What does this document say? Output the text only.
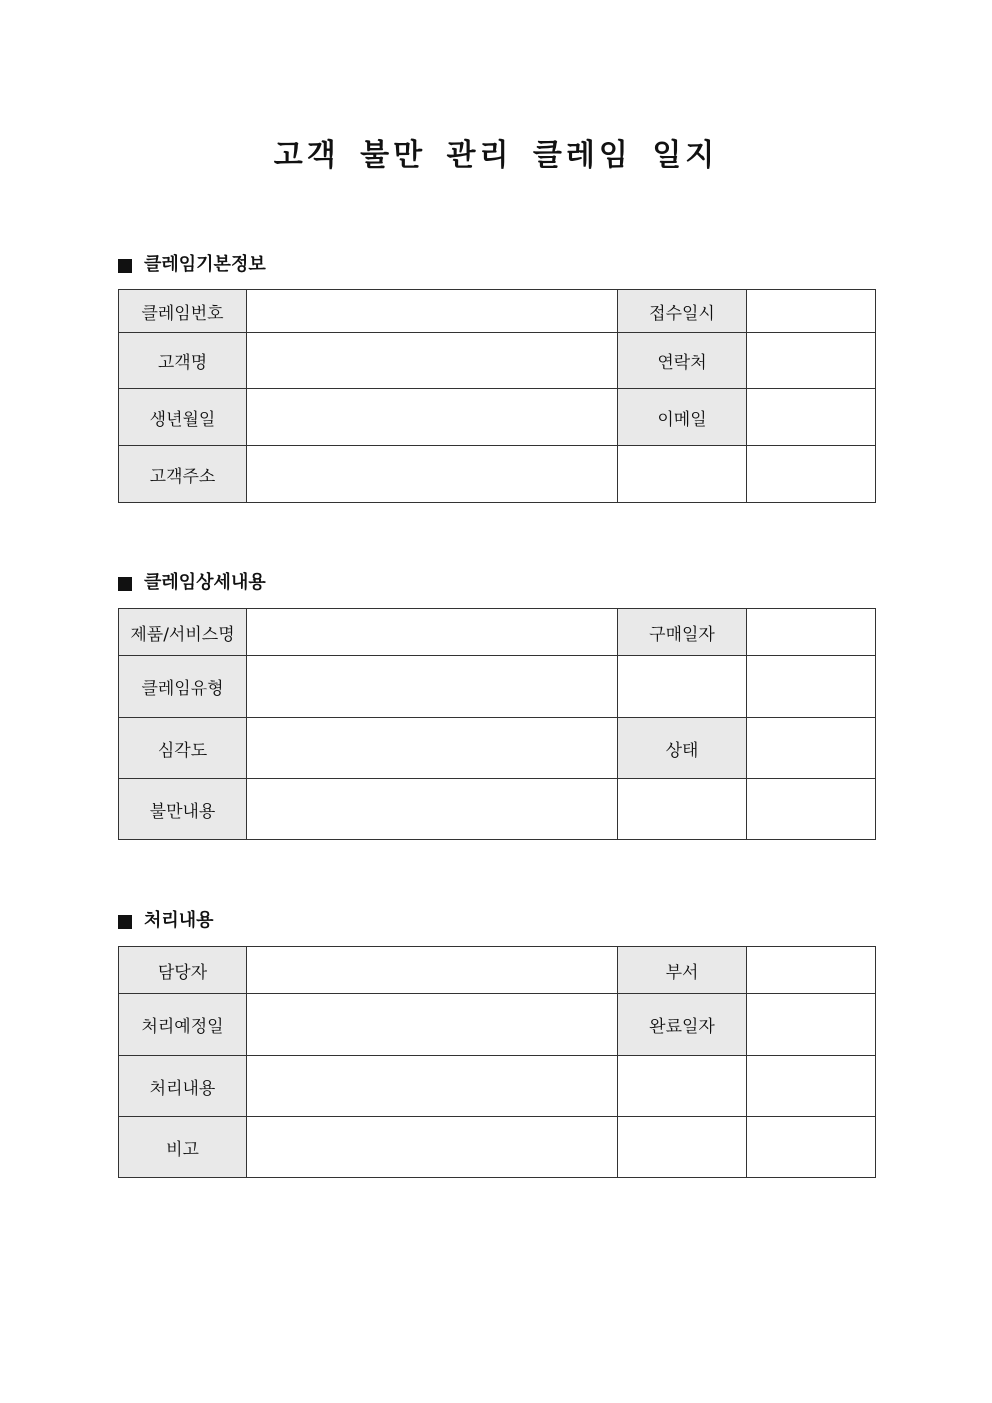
고객 불만 관리 클레임 일지
클레임기본정보
클레임번호		접수일시	
고객명		연락처	
생년월일		이메일	
고객주소			
클레임상세내용
제품/서비스명		구매일자	
클레임유형			
심각도		상태	
불만내용			
처리내용
담당자		부서	
처리예정일		완료일자	
처리내용			
비고			
